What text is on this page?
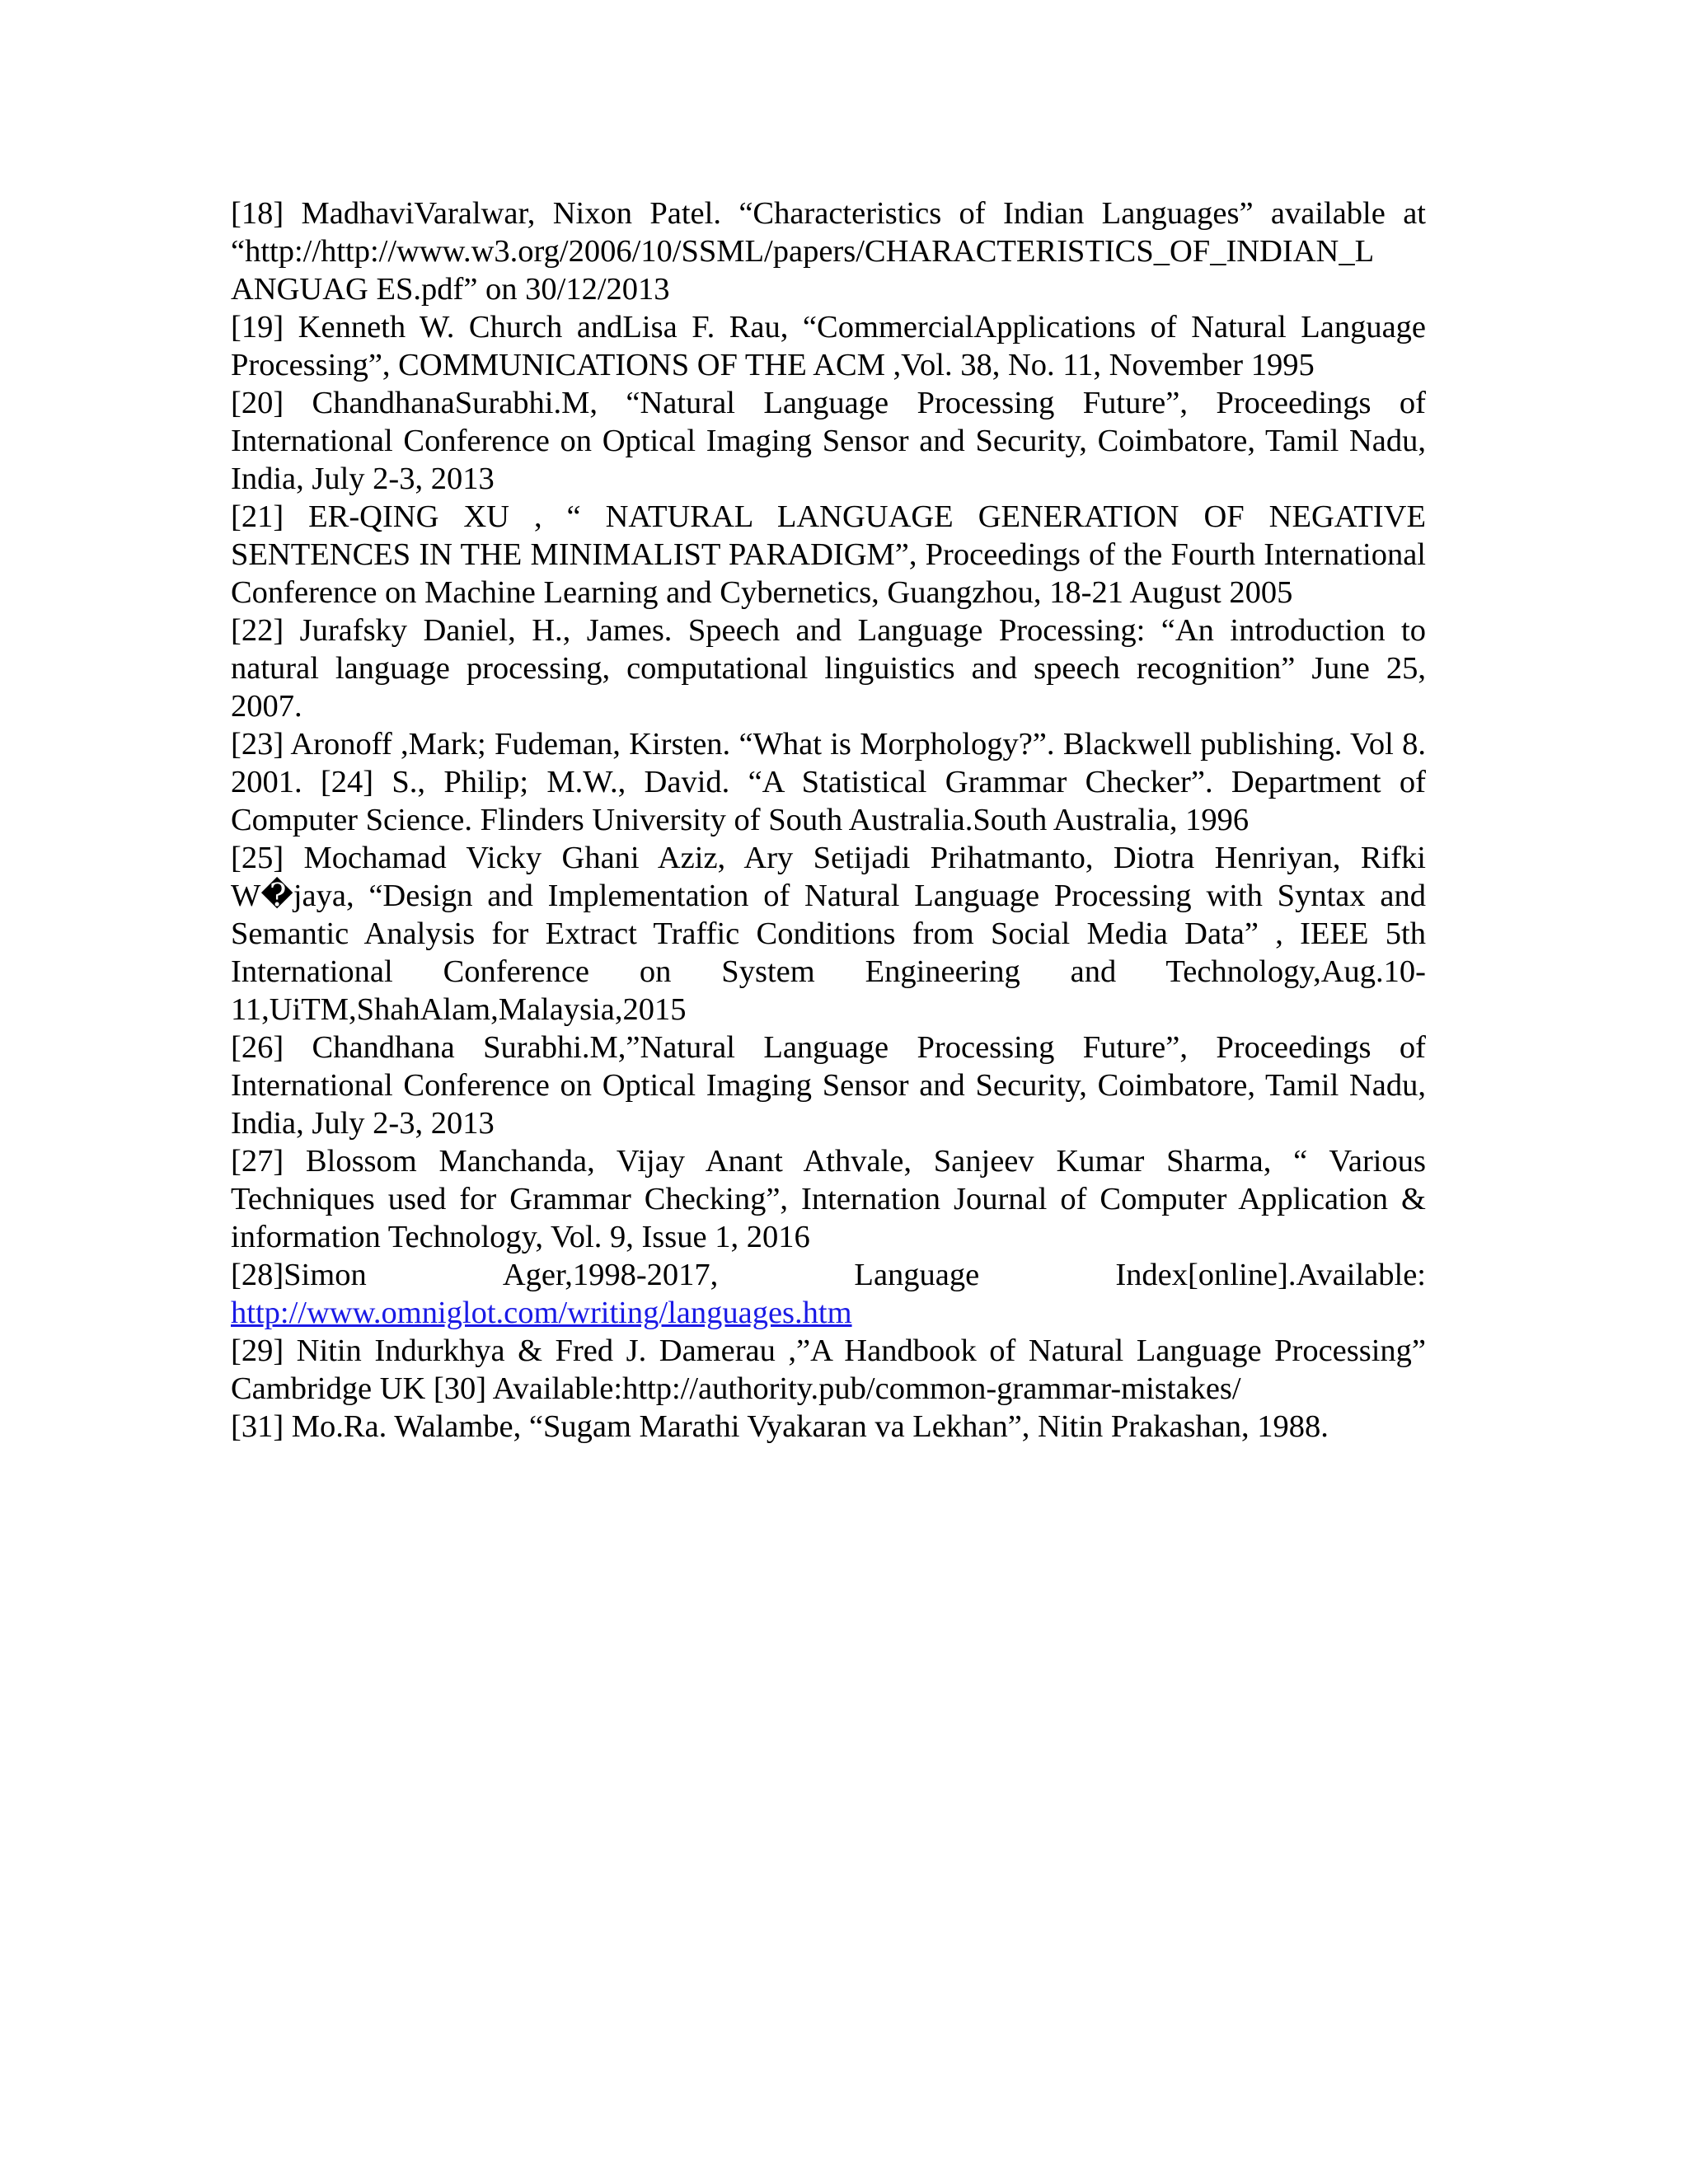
[18] MadhaviVaralwar, Nixon Patel. “Characteristics of Indian Languages” available at “http://http://www.w3.org/2006/10/SSML/papers/CHARACTERISTICS_OF_INDIAN_L ANGUAG ES.pdf” on 30/12/2013

[19] Kenneth W. Church andLisa F. Rau, “CommercialApplications of Natural Language Processing”, COMMUNICATIONS OF THE ACM ,Vol. 38, No. 11, November 1995

[20] ChandhanaSurabhi.M, “Natural Language Processing Future”, Proceedings of International Conference on Optical Imaging Sensor and Security, Coimbatore, Tamil Nadu, India, July 2-3, 2013

[21] ER-QING XU , “ NATURAL LANGUAGE GENERATION OF NEGATIVE SENTENCES IN THE MINIMALIST PARADIGM”, Proceedings of the Fourth International Conference on Machine Learning and Cybernetics, Guangzhou, 18-21 August 2005

[22] Jurafsky Daniel, H., James. Speech and Language Processing: “An introduction to natural language processing, computational linguistics and speech recognition” June 25, 2007.

[23] Aronoff ,Mark; Fudeman, Kirsten. “What is Morphology?”. Blackwell publishing. Vol 8. 2001. [24] S., Philip; M.W., David. “A Statistical Grammar Checker”. Department of Computer Science. Flinders University of South Australia.South Australia, 1996

[25] Mochamad Vicky Ghani Aziz, Ary Setijadi Prihatmanto, Diotra Henriyan, Rifki W�jaya, “Design and Implementation of Natural Language Processing with Syntax and Semantic Analysis for Extract Traffic Conditions from Social Media Data” , IEEE 5th International Conference on System Engineering and Technology,Aug.10-11,UiTM,ShahAlam,Malaysia,2015

[26] Chandhana Surabhi.M,”Natural Language Processing Future”, Proceedings of International Conference on Optical Imaging Sensor and Security, Coimbatore, Tamil Nadu, India, July 2-3, 2013

[27] Blossom Manchanda, Vijay Anant Athvale, Sanjeev Kumar Sharma, “ Various Techniques used for Grammar Checking”, Internation Journal of Computer Application & information Technology, Vol. 9, Issue 1, 2016

[28]Simon	Ager,1998-2017,	Language	Index[online].Available:
http://www.omniglot.com/writing/languages.htm

[29] Nitin Indurkhya & Fred J. Damerau ,”A Handbook of Natural Language Processing” Cambridge UK [30] Available:http://authority.pub/common-grammar-mistakes/

[31] Mo.Ra. Walambe, “Sugam Marathi Vyakaran va Lekhan”, Nitin Prakashan, 1988.
